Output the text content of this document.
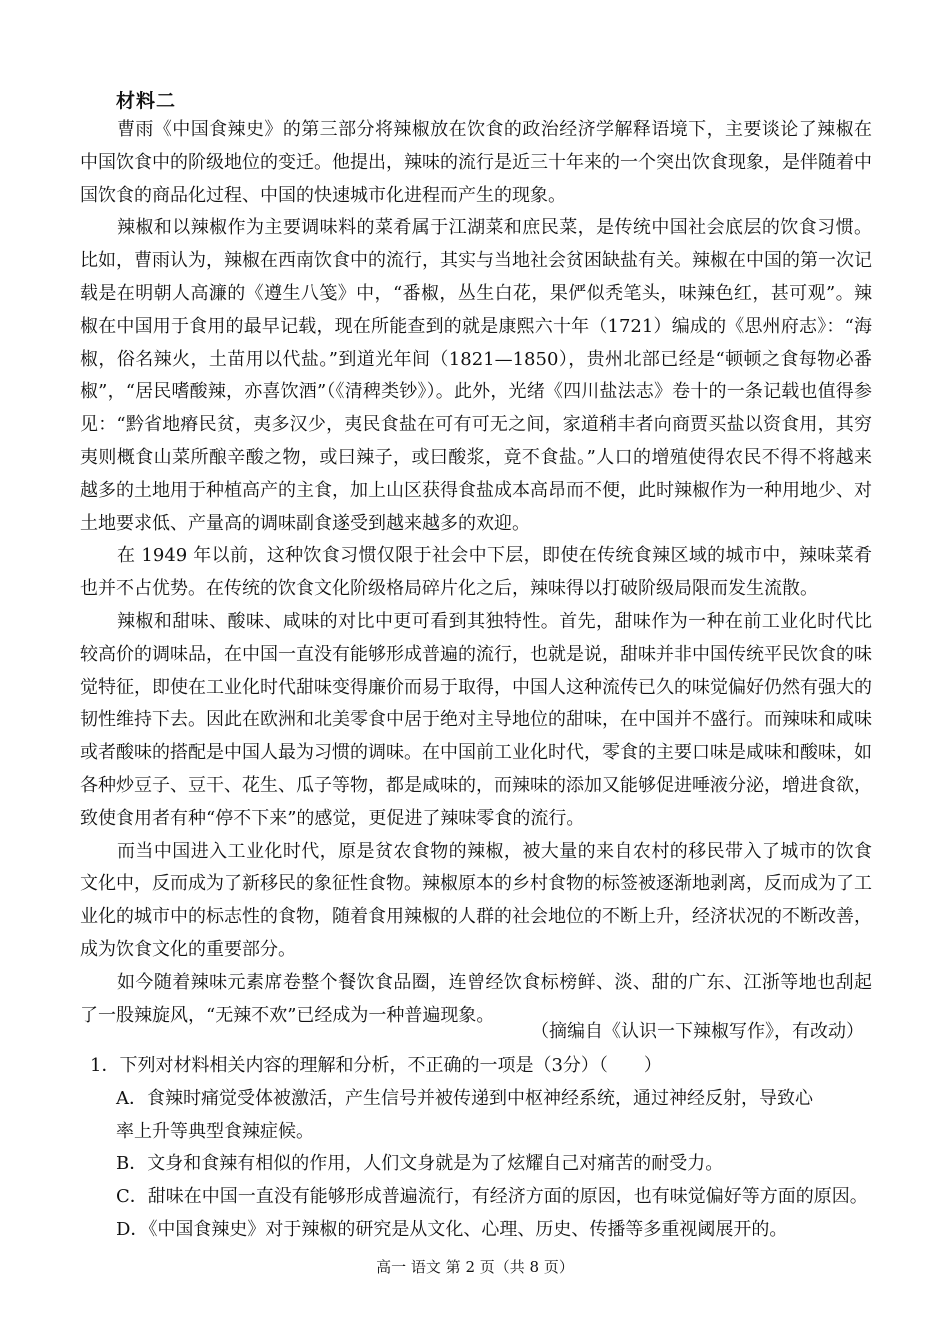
材料二

曹雨《中国食辣史》的第三部分将辣椒放在饮食的政治经济学解释语境下，主要谈论了辣椒在中国饮食中的阶级地位的变迁。他提出，辣味的流行是近三十年来的一个突出饮食现象，是伴随着中国饮食的商品化过程、中国的快速城市化进程而产生的现象。

辣椒和以辣椒作为主要调味料的菜肴属于江湖菜和庶民菜，是传统中国社会底层的饮食习惯。比如，曹雨认为，辣椒在西南饮食中的流行，其实与当地社会贫困缺盐有关。辣椒在中国的第一次记载是在明朝人高濂的《遵生八笺》中，“番椒，丛生白花，果俨似秃笔头，味辣色红，甚可观”。辣椒在中国用于食用的最早记载，现在所能查到的就是康熙六十年（1721）编成的《思州府志》：“海椒，俗名辣火，土苗用以代盐。”到道光年间（1821—1850），贵州北部已经是“顿顿之食每物必番椒”，“居民嗜酸辣，亦喜饮酒”（《清稗类钞》）。此外，光绪《四川盐法志》卷十的一条记载也值得参见：“黔省地瘠民贫，夷多汉少，夷民食盐在可有可无之间，家道稍丰者向商贾买盐以资食用，其穷夷则概食山菜所酿辛酸之物，或曰辣子，或曰酸浆，竟不食盐。”人口的增殖使得农民不得不将越来越多的土地用于种植高产的主食，加上山区获得食盐成本高昂而不便，此时辣椒作为一种用地少、对土地要求低、产量高的调味副食遂受到越来越多的欢迎。

在 1949 年以前，这种饮食习惯仅限于社会中下层，即使在传统食辣区域的城市中，辣味菜肴也并不占优势。在传统的饮食文化阶级格局碎片化之后，辣味得以打破阶级局限而发生流散。

辣椒和甜味、酸味、咸味的对比中更可看到其独特性。首先，甜味作为一种在前工业化时代比较高价的调味品，在中国一直没有能够形成普遍的流行，也就是说，甜味并非中国传统平民饮食的味觉特征，即使在工业化时代甜味变得廉价而易于取得，中国人这种流传已久的味觉偏好仍然有强大的韧性维持下去。因此在欧洲和北美零食中居于绝对主导地位的甜味，在中国并不盛行。而辣味和咸味或者酸味的搭配是中国人最为习惯的调味。在中国前工业化时代，零食的主要口味是咸味和酸味，如各种炒豆子、豆干、花生、瓜子等物，都是咸味的，而辣味的添加又能够促进唾液分泌，增进食欲，致使食用者有种“停不下来”的感觉，更促进了辣味零食的流行。

而当中国进入工业化时代，原是贫农食物的辣椒，被大量的来自农村的移民带入了城市的饮食文化中，反而成为了新移民的象征性食物。辣椒原本的乡村食物的标签被逐渐地剥离，反而成为了工业化的城市中的标志性的食物，随着食用辣椒的人群的社会地位的不断上升，经济状况的不断改善，成为饮食文化的重要部分。

如今随着辣味元素席卷整个餐饮食品圈，连曾经饮食标榜鲜、淡、甜的广东、江浙等地也刮起了一股辣旋风，“无辣不欢”已经成为一种普遍现象。

（摘编自《认识一下辣椒写作》，有改动）

1．下列对材料相关内容的理解和分析，不正确的一项是（3分）（　　）

A．食辣时痛觉受体被激活，产生信号并被传递到中枢神经系统，通过神经反射，导致心
率上升等典型食辣症候。

B．文身和食辣有相似的作用，人们文身就是为了炫耀自己对痛苦的耐受力。

C．甜味在中国一直没有能够形成普遍流行，有经济方面的原因，也有味觉偏好等方面的原因。

D．《中国食辣史》对于辣椒的研究是从文化、心理、历史、传播等多重视阈展开的。

高一 语文 第 2 页（共 8 页）
